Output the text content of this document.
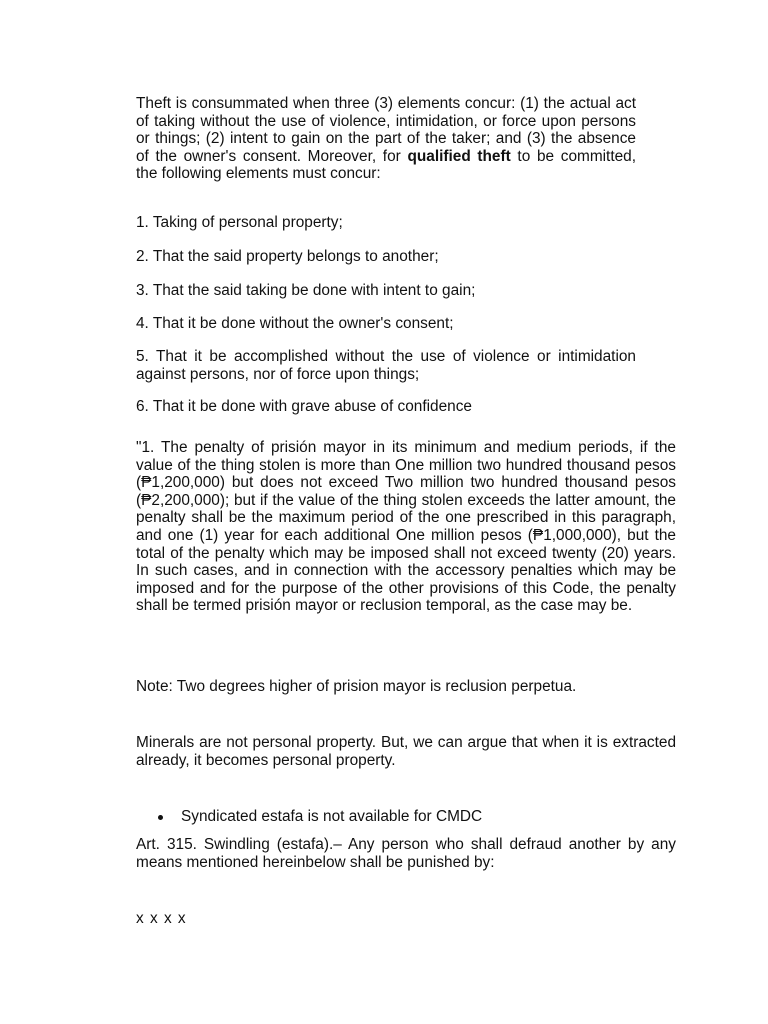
Theft is consummated when three (3) elements concur: (1) the actual act of taking without the use of violence, intimidation, or force upon persons or things; (2) intent to gain on the part of the taker; and (3) the absence of the owner's consent. Moreover, for qualified theft to be committed, the following elements must concur:

1. Taking of personal property;

2. That the said property belongs to another;

3. That the said taking be done with intent to gain;

4. That it be done without the owner's consent;

5. That it be accomplished without the use of violence or intimidation against persons, nor of force upon things;

6. That it be done with grave abuse of confidence

"1. The penalty of prisión mayor in its minimum and medium periods, if the value of the thing stolen is more than One million two hundred thousand pesos (₱1,200,000) but does not exceed Two million two hundred thousand pesos (₱2,200,000); but if the value of the thing stolen exceeds the latter amount, the penalty shall be the maximum period of the one prescribed in this paragraph, and one (1) year for each additional One million pesos (₱1,000,000), but the total of the penalty which may be imposed shall not exceed twenty (20) years. In such cases, and in connection with the accessory penalties which may be imposed and for the purpose of the other provisions of this Code, the penalty shall be termed prisión mayor or reclusion temporal, as the case may be.

Note: Two degrees higher of prision mayor is reclusion perpetua.

Minerals are not personal property. But, we can argue that when it is extracted already, it becomes personal property.

Syndicated estafa is not available for CMDC

Art. 315. Swindling (estafa).– Any person who shall defraud another by any means mentioned hereinbelow shall be punished by:

x x x x
